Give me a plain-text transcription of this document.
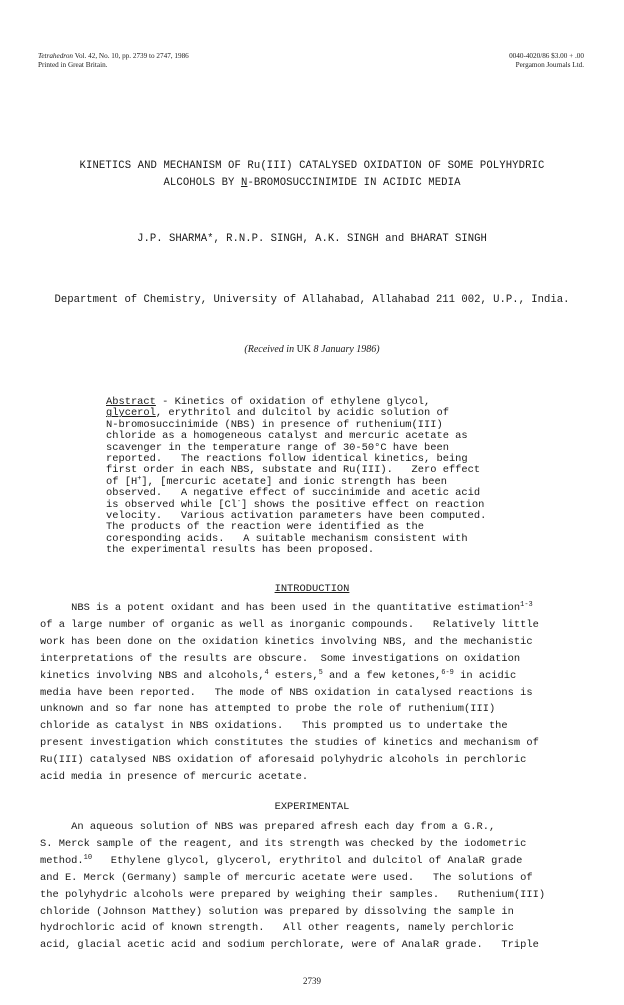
Tetrahedron Vol. 42, No. 10, pp. 2739 to 2747, 1986
Printed in Great Britain.
0040-4020/86 $3.00 + .00
Pergamon Journals Ltd.
KINETICS AND MECHANISM OF Ru(III) CATALYSED OXIDATION OF SOME POLYHYDRIC
ALCOHOLS BY N-BROMOSUCCINIMIDE IN ACIDIC MEDIA
J.P. SHARMA*, R.N.P. SINGH, A.K. SINGH and BHARAT SINGH
Department of Chemistry, University of Allahabad, Allahabad 211 002, U.P., India.
(Received in UK 8 January 1986)
Abstract - Kinetics of oxidation of ethylene glycol,
glycerol, erythritol and dulcitol by acidic solution of
N-bromosuccinimide (NBS) in presence of ruthenium(III)
chloride as a homogeneous catalyst and mercuric acetate as
scavenger in the temperature range of 30-50°C have been
reported.   The reactions follow identical kinetics, being
first order in each NBS, substate and Ru(III).   Zero effect
of [H+], [mercuric acetate] and ionic strength has been
observed.   A negative effect of succinimide and acetic acid
is observed while [Cl-] shows the positive effect on reaction
velocity.   Various activation parameters have been computed.
The products of the reaction were identified as the
coresponding acids.   A suitable mechanism consistent with
the experimental results has been proposed.
INTRODUCTION
NBS is a potent oxidant and has been used in the quantitative estimation$^{1-3}$
of a large number of organic as well as inorganic compounds.   Relatively little
work has been done on the oxidation kinetics involving NBS, and the mechanistic
interpretations of the results are obscure.  Some investigations on oxidation
kinetics involving NBS and alcohols,$^4$ esters,$^5$ and a few ketones,$^{6-9}$ in acidic
media have been reported.   The mode of NBS oxidation in catalysed reactions is
unknown and so far none has attempted to probe the role of ruthenium(III)
chloride as catalyst in NBS oxidations.   This prompted us to undertake the
present investigation which constitutes the studies of kinetics and mechanism of
Ru(III) catalysed NBS oxidation of aforesaid polyhydric alcohols in perchloric
acid media in presence of mercuric acetate.
EXPERIMENTAL
An aqueous solution of NBS was prepared afresh each day from a G.R.,
S. Merck sample of the reagent, and its strength was checked by the iodometric
method.$^{10}$   Ethylene glycol, glycerol, erythritol and dulcitol of AnalaR grade
and E. Merck (Germany) sample of mercuric acetate were used.   The solutions of
the polyhydric alcohols were prepared by weighing their samples.   Ruthenium(III)
chloride (Johnson Matthey) solution was prepared by dissolving the sample in
hydrochloric acid of known strength.   All other reagents, namely perchloric
acid, glacial acetic acid and sodium perchlorate, were of AnalaR grade.   Triple
2739
